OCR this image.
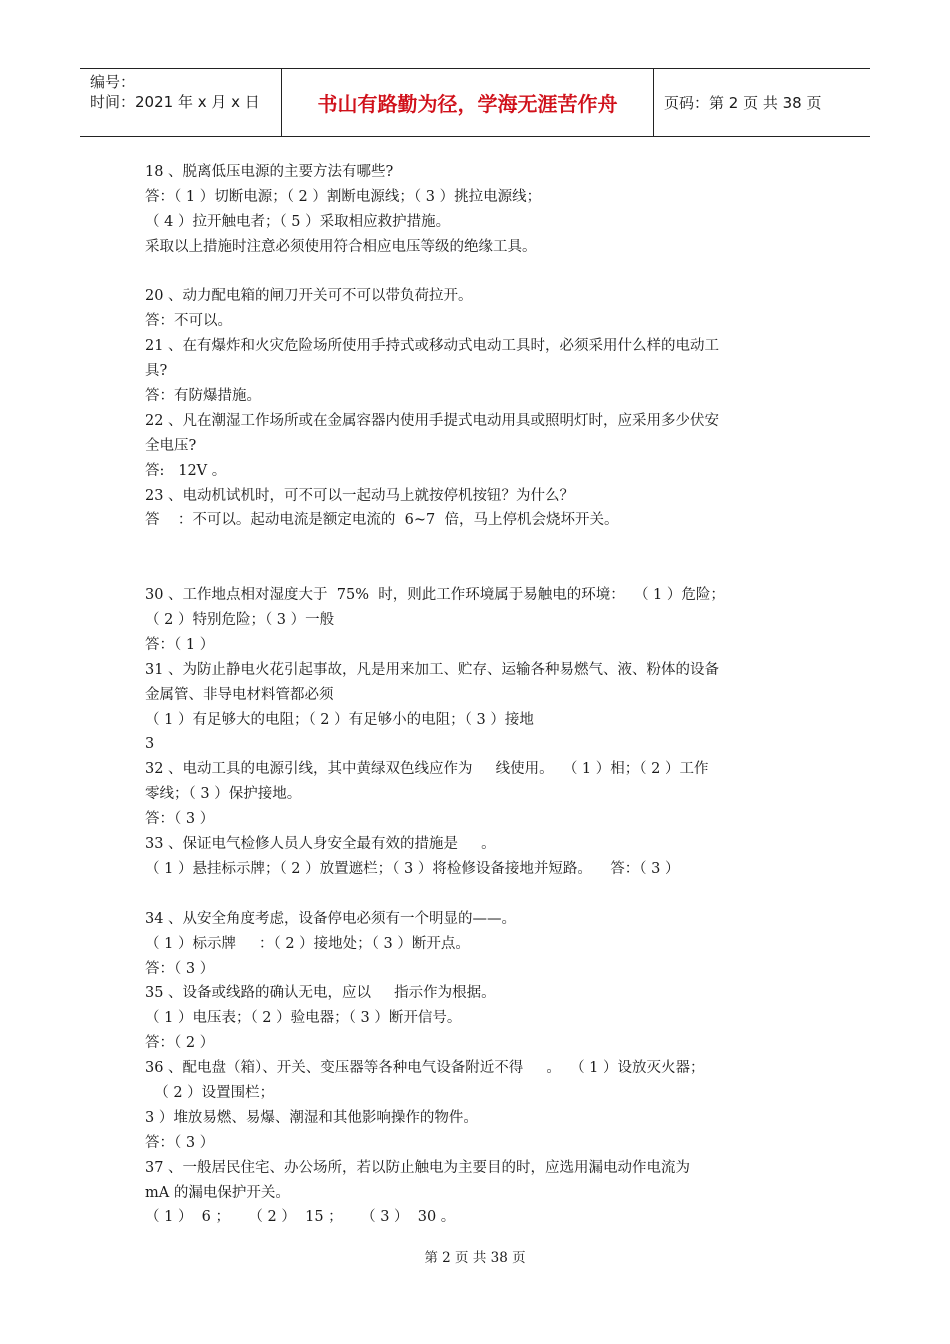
编号：
时间：2021 年 x 月 x 日	书山有路勤为径，学海无涯苦作舟	页码：第 2 页 共 38 页
18 、脱离低压电源的主要方法有哪些?
答：（ 1 ）切断电源；（ 2 ）割断电源线；（ 3 ）挑拉电源线；
（ 4 ）拉开触电者；（ 5 ）采取相应救护措施。
采取以上措施时注意必须使用符合相应电压等级的绝缘工具。
20 、动力配电箱的闸刀开关可不可以带负荷拉开。
答：不可以。
21 、在有爆炸和火灾危险场所使用手持式或移动式电动工具时，必须采用什么样的电动工
具?
答：有防爆措施。
22 、凡在潮湿工作场所或在金属容器内使用手提式电动用具或照明灯时，应采用多少伏安
全电压?
答:   12V 。
23 、电动机试机时，可不可以一起动马上就按停机按钮？为什么？
答    ：不可以。起动电流是额定电流的  6~7  倍，马上停机会烧坏开关。
30 、工作地点相对湿度大于  75%  时，则此工作环境属于易触电的环境：  （ 1 ）危险；
（ 2 ）特别危险；（ 3 ）一般
答：（ 1 ）
31 、为防止静电火花引起事故，凡是用来加工、贮存、运输各种易燃气、液、粉体的设备
金属管、非导电材料管都必须
（ 1 ）有足够大的电阻；（ 2 ）有足够小的电阻；（ 3 ）接地
3
32 、电动工具的电源引线，其中黄绿双色线应作为     线使用。  （ 1 ）相；（ 2 ）工作
零线；（ 3 ）保护接地。
答：（ 3 ）
33 、保证电气检修人员人身安全最有效的措施是     。
（ 1 ）悬挂标示牌；（ 2 ）放置遮栏；（ 3 ）将检修设备接地并短路。    答：（ 3 ）
34 、从安全角度考虑，设备停电必须有一个明显的——。
（ 1 ）标示牌     ：（ 2 ）接地处；（ 3 ）断开点。
答：（ 3 ）
35 、设备或线路的确认无电，应以     指示作为根据。
（ 1 ）电压表；（ 2 ）验电器；（ 3 ）断开信号。
答：（ 2 ）
36 、配电盘（箱）、开关、变压器等各种电气设备附近不得     。  （ 1 ）设放灭火器；
（ 2 ）设置围栏；
3 ）堆放易燃、易爆、潮湿和其他影响操作的物件。
答：（ 3 ）
37 、一般居民住宅、办公场所，若以防止触电为主要目的时，应选用漏电动作电流为
mA 的漏电保护开关。
（ 1 ）  6 ；    （ 2 ）  15 ；    （ 3 ）  30 。
第 2 页 共 38 页
